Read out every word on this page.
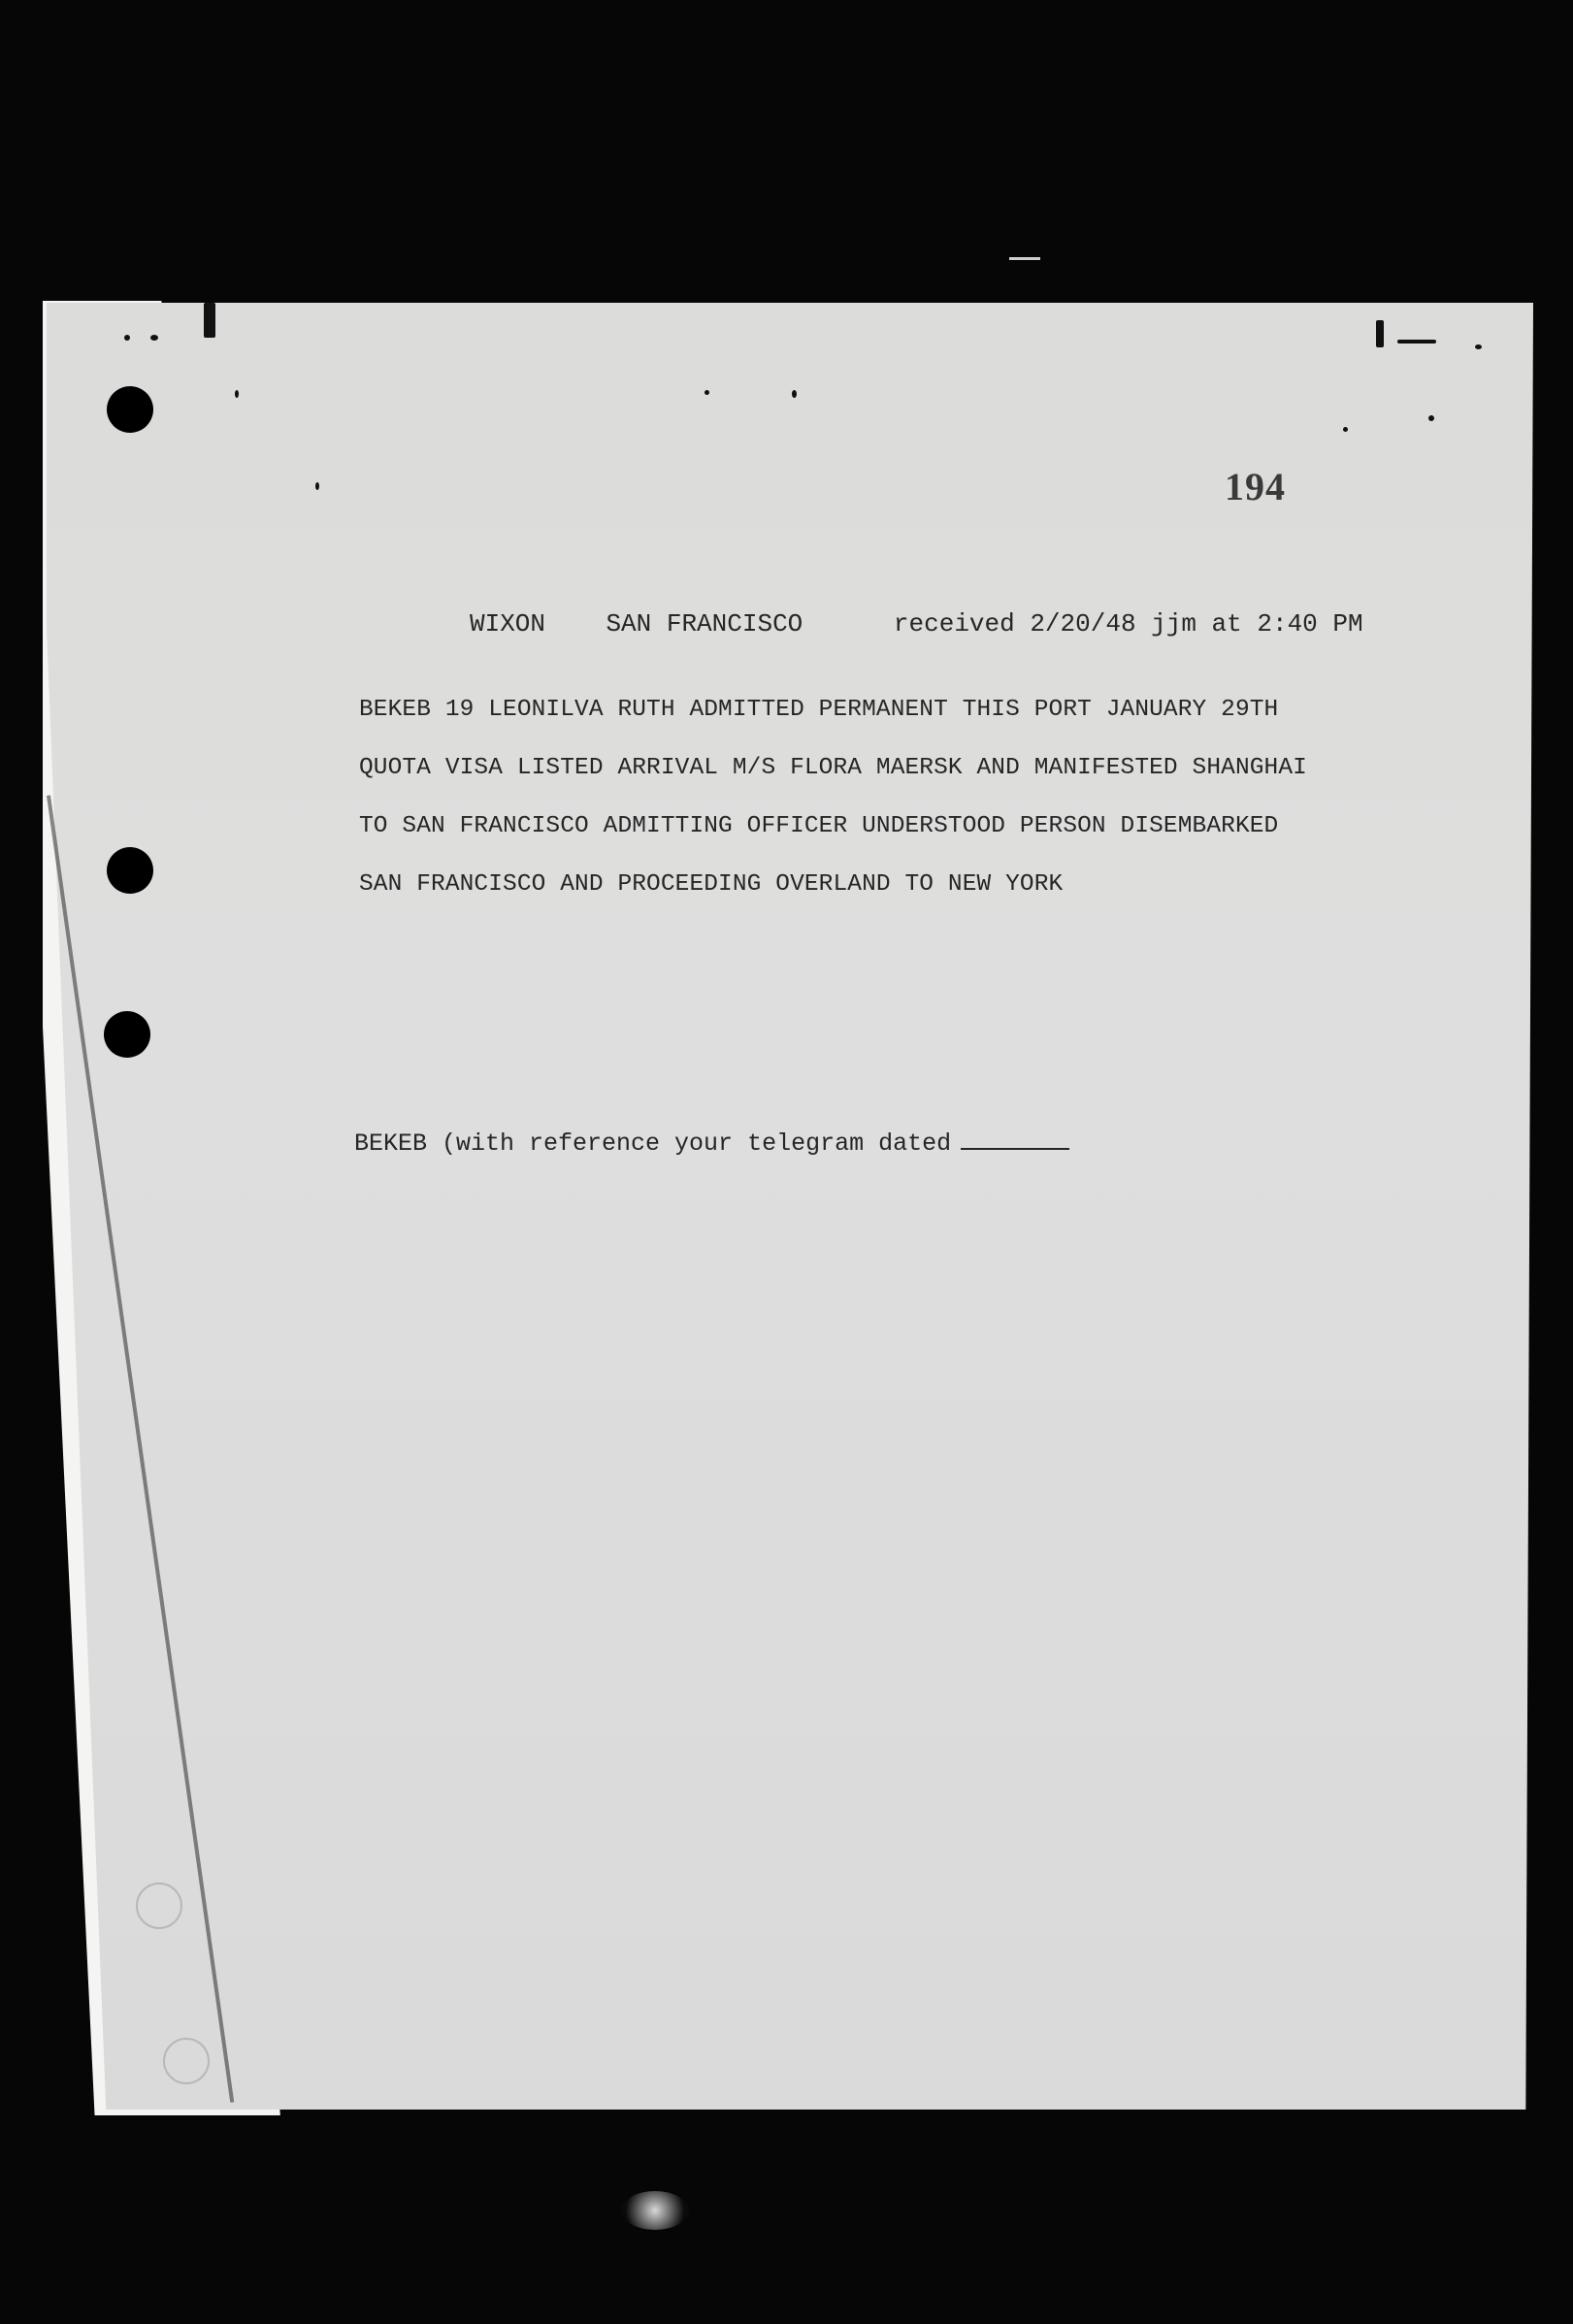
194
WIXON SAN FRANCISCO	received 2/20/48 jjm at 2:40 PM
BEKEB 19 LEONILVA RUTH ADMITTED PERMANENT THIS PORT JANUARY 29TH
QUOTA VISA LISTED ARRIVAL M/S FLORA MAERSK AND MANIFESTED SHANGHAI
TO SAN FRANCISCO ADMITTING OFFICER UNDERSTOOD PERSON DISEMBARKED
SAN FRANCISCO AND PROCEEDING OVERLAND TO NEW YORK
BEKEB (with reference your telegram dated
